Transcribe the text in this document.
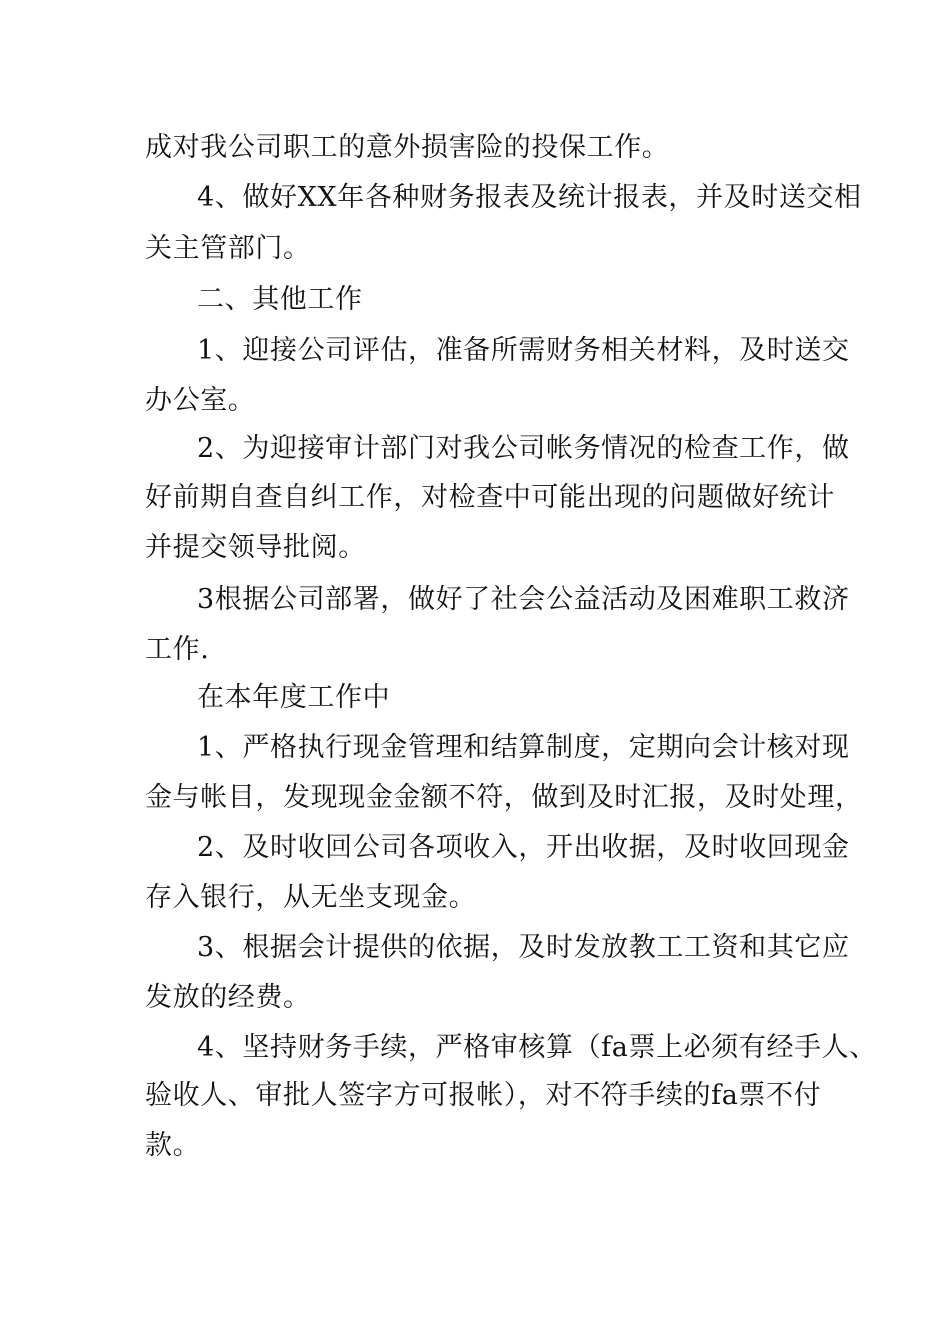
成对我公司职工的意外损害险的投保工作。
4、做好XX年各种财务报表及统计报表，并及时送交相
关主管部门。
二、其他工作
1、迎接公司评估，准备所需财务相关材料，及时送交
办公室。
2、为迎接审计部门对我公司帐务情况的检查工作，做
好前期自查自纠工作，对检查中可能出现的问题做好统计
并提交领导批阅。
3根据公司部署，做好了社会公益活动及困难职工救济
工作.
在本年度工作中
1、严格执行现金管理和结算制度，定期向会计核对现
金与帐目，发现现金金额不符，做到及时汇报，及时处理，
2、及时收回公司各项收入，开出收据，及时收回现金
存入银行，从无坐支现金。
3、根据会计提供的依据，及时发放教工工资和其它应
发放的经费。
4、坚持财务手续，严格审核算（fa票上必须有经手人、
验收人、审批人签字方可报帐），对不符手续的fa票不付
款。
